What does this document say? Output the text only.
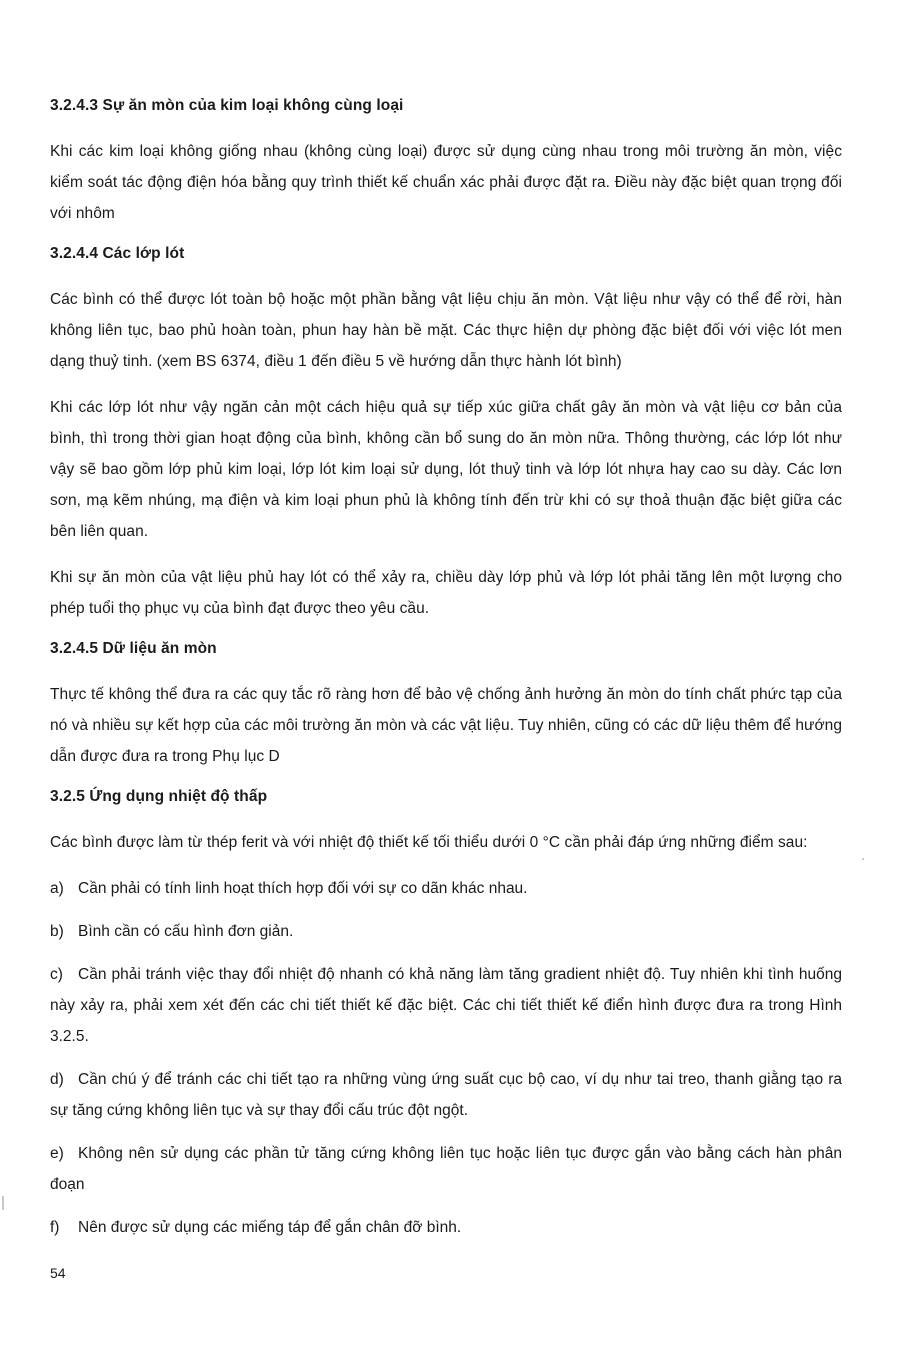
3.2.4.3 Sự ăn mòn của kim loại không cùng loại

Khi các kim loại không giống nhau (không cùng loại) được sử dụng cùng nhau trong môi trường ăn mòn, việc kiểm soát tác động điện hóa bằng quy trình thiết kế chuẩn xác phải được đặt ra. Điều này đặc biệt quan trọng đối với nhôm

3.2.4.4 Các lớp lót

Các bình có thể được lót toàn bộ hoặc một phần bằng vật liệu chịu ăn mòn. Vật liệu như vậy có thể để rời, hàn không liên tục, bao phủ hoàn toàn, phun hay hàn bề mặt. Các thực hiện dự phòng đặc biệt đối với việc lót men dạng thuỷ tinh. (xem BS 6374, điều 1 đến điều 5 về hướng dẫn thực hành lót bình)

Khi các lớp lót như vậy ngăn cản một cách hiệu quả sự tiếp xúc giữa chất gây ăn mòn và vật liệu cơ bản của bình, thì trong thời gian hoạt động của bình, không cần bổ sung do ăn mòn nữa. Thông thường, các lớp lót như vậy sẽ bao gồm lớp phủ kim loại, lớp lót kim loại sử dụng, lót thuỷ tinh và lớp lót nhựa hay cao su dày. Các lơn sơn, mạ kẽm nhúng, mạ điện và kim loại phun phủ là không tính đến trừ khi có sự thoả thuận đặc biệt giữa các bên liên quan.

Khi sự ăn mòn của vật liệu phủ hay lót có thể xảy ra, chiều dày lớp phủ và lớp lót phải tăng lên một lượng cho phép tuổi thọ phục vụ của bình đạt được theo yêu cầu.

3.2.4.5 Dữ liệu ăn mòn

Thực tế không thể đưa ra các quy tắc rõ ràng hơn để bảo vệ chống ảnh hưởng ăn mòn do tính chất phức tạp của nó và nhiều sự kết hợp của các môi trường ăn mòn và các vật liệu. Tuy nhiên, cũng có các dữ liệu thêm để hướng dẫn được đưa ra trong Phụ lục D

3.2.5 Ứng dụng nhiệt độ thấp

Các bình được làm từ thép ferit và với nhiệt độ thiết kế tối thiểu dưới 0 °C cần phải đáp ứng những điểm sau:

a) Cần phải có tính linh hoạt thích hợp đối với sự co dãn khác nhau.
b) Bình cần có cấu hình đơn giản.
c) Cần phải tránh việc thay đổi nhiệt độ nhanh có khả năng làm tăng gradient nhiệt độ. Tuy nhiên khi tình huống này xảy ra, phải xem xét đến các chi tiết thiết kế đặc biệt. Các chi tiết thiết kế điển hình được đưa ra trong Hình 3.2.5.
d) Cần chú ý để tránh các chi tiết tạo ra những vùng ứng suất cục bộ cao, ví dụ như tai treo, thanh giằng tạo ra sự tăng cứng không liên tục và sự thay đổi cấu trúc đột ngột.
e) Không nên sử dụng các phần tử tăng cứng không liên tục hoặc liên tục được gắn vào bằng cách hàn phân đoạn
f) Nên được sử dụng các miếng táp để gắn chân đỡ bình.
54
